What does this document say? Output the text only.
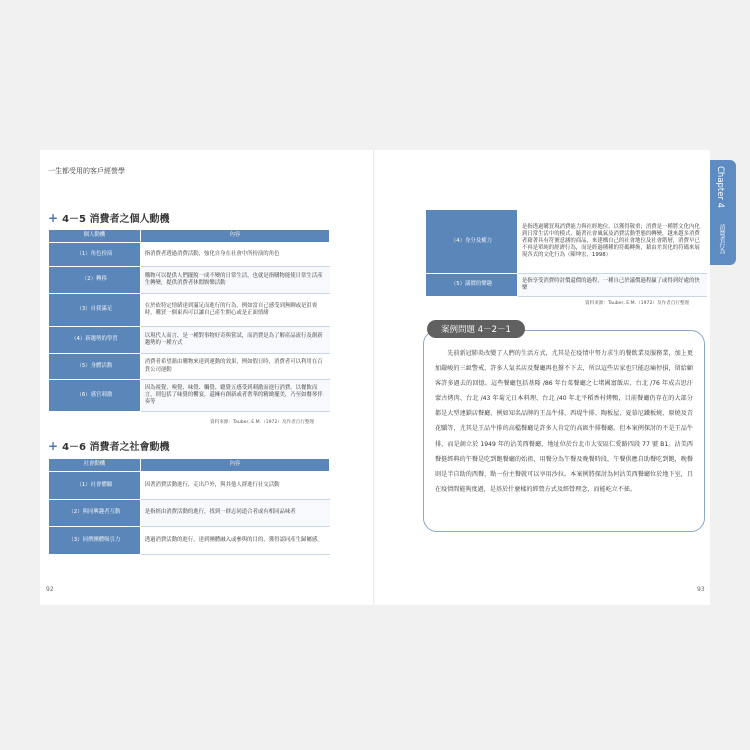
一生都受用的客戶經營學
+ 4－5 消費者之個人動機
個人動機	內容
（1）角色扮演	指消費者透過消費活動，強化自身在社會中所扮演的角色
（2）轉移	購物可以提供人們擺脫一成不變的日常生活，也就是指購物能使日常生活產生轉變，提供消費者休閒娛樂活動
（3）自我滿足	在於依特定情緒達到滿足而進行的行為，例如當自己感受到無聊或是沮喪時，購買一個東西可以讓自己產生開心或是正面情緒
（4）新趨勢的學習	以現代人而言，是一種對事物好奇與嘗試，而消費是為了解產品流行及創新趨勢的一種方式
（5）身體活動	消費者希望藉由購物來達到運動的效果，例如假日時，消費者可以利用在百貨公司運動
（6）感官刺激	因為視覺、嗅覺、味覺、觸覺、聽覺五感受到刺激而進行消費。以餐飲而言，則包括了味覺的饗宴，還擁有創新或者奢華的精緻擺美，乃至如餐琴伴奏等
資料來源：Tauber, E.M.（1972）及作者自行整理
+ 4－6 消費者之社會動機
社會動機	內容
（1）社會體驗	因著消費活動進行，走出戶外，與其他人群進行社交活動
（2）與同興趣者互動	是指經由消費活動的進行，找到一群志同道合者或有相同品味者
（3）同儕團體吸引力	透過消費活動的進行，達到團體融入或參與的目的，獲得認同產生歸屬感。
92
（4）身分及權力	是指透過購買現消費能力與社經地位，以獲得敬重；消費是一種將文化內化到日常生活中的模式，隨著社會風氣及消費活動型態的轉變，越來越多消費者藉著具有符號意涵的商品，來建構自己的社會地位及社會階層，消費早已不再是單純的經濟行為，而是經過種種的符碼轉換，藉由差異化的符碼來展現各式的文化行為（陳坤宏，1998）
（5）議價的樂趣	是指享受消費時討價還價的過程，一種自己於議價過程贏了或得到好處的快樂
資料來源：Tauber, E.M.（1972）及作者自行整理
案例問題 4－2－1

先前新冠肺炎改變了人們的生活方式，尤其是在疫情中努力求生的餐飲業及服務業，加上更加嚴峻的三級警戒，許多人氣名店及餐廳再也撐不下去，所以這些店家也只能忍痛停損，留給顧客許多過去的回憶。這些餐廳包括基隆 /86 年台菜餐廳之七堵國富飯店、台北 /76 年成吉思汗蒙古烤肉、台北 /43 年菊元日本料理、台北 /40 年北平稻香村烤鴨，目前餐廳仍存在的大部分都是大型連鎖店餐廳，例如知名品牌的王品牛排、西堤牛排、陶板屋、夏慕尼鐵板燒、原燒及青花驕等，尤其是王品牛排的高檔餐廳是許多人肯定的高級牛排餐廳。但本案例探討的不是王品牛排，而是創立於 1949 年的沾美西餐廳，地址位於台北市大安區仁愛路四段 77 號 B1。沾美西餐挺經典的午餐是吃到飽餐廳的始祖，用餐分為午餐及晚餐時段，午餐供應自助餐吃到飽，晚餐則是半自助的西餐，點一份主餐就可以享用沙拉。本案例將探討為何沾美西餐廳位於地下室，且在疫情間能夠度過，是基於什麼樣的經營方式及經營理念，而能屹立不搖。

93
Chapter 4
消費者行為
